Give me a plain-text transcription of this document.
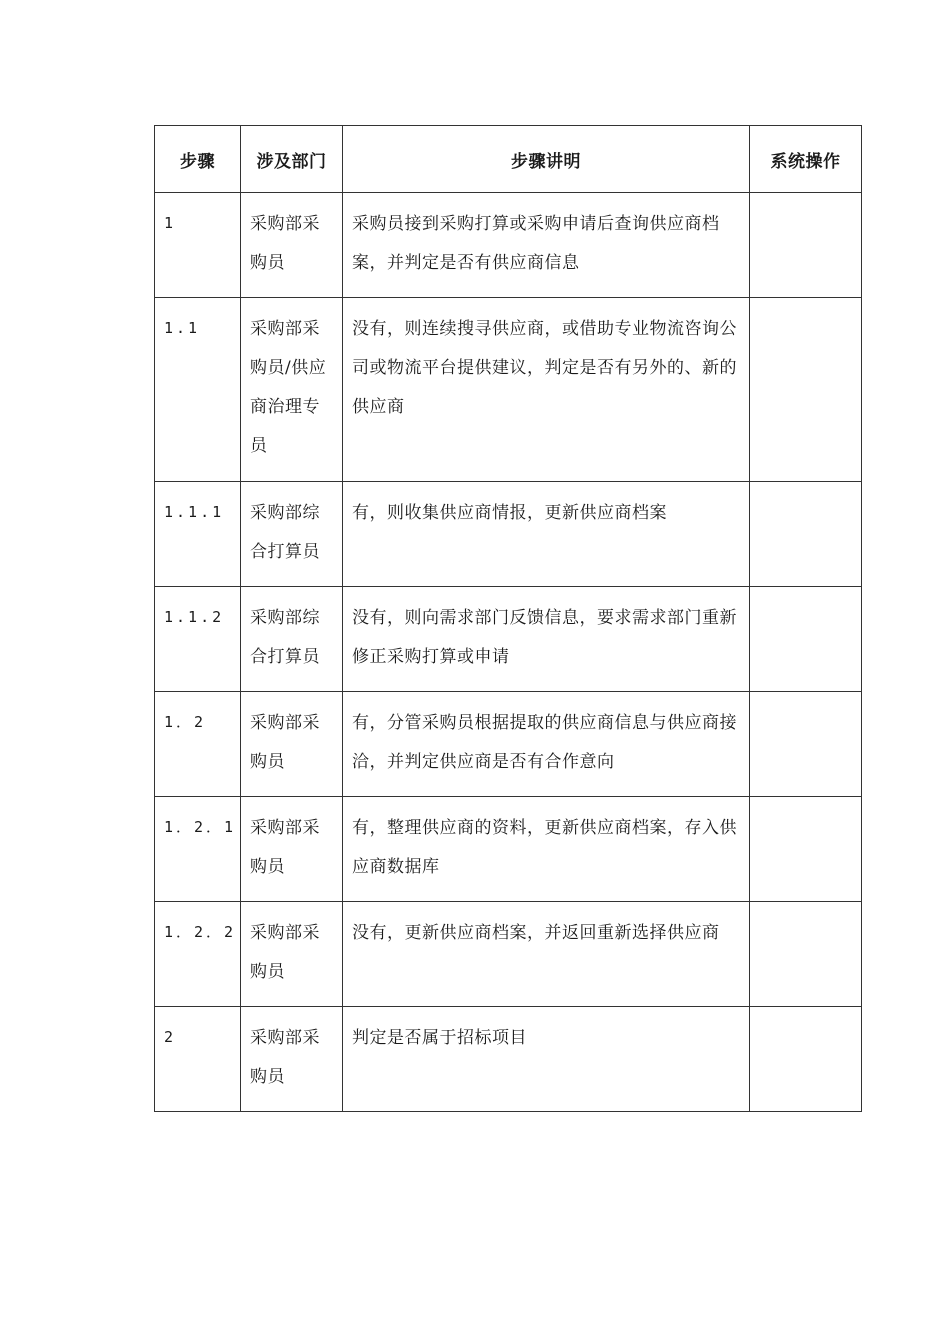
步骤	涉及部门	步骤讲明	系统操作

1	采购部采购员	采购员接到采购打算或采购申请后查询供应商档案，并判定是否有供应商信息	

1.1	采购部采购员/供应商治理专员	没有，则连续搜寻供应商，或借助专业物流咨询公司或物流平台提供建议，判定是否有另外的、新的供应商	

1.1.1	采购部综合打算员	有，则收集供应商情报，更新供应商档案	

1.1.2	采购部综合打算员	没有，则向需求部门反馈信息，要求需求部门重新修正采购打算或申请	

1．2	采购部采购员	有，分管采购员根据提取的供应商信息与供应商接洽，并判定供应商是否有合作意向	

1．2．1	采购部采购员	有，整理供应商的资料，更新供应商档案，存入供应商数据库	

1．2．2	采购部采购员	没有，更新供应商档案，并返回重新选择供应商	

2	采购部采购员	判定是否属于招标项目	
